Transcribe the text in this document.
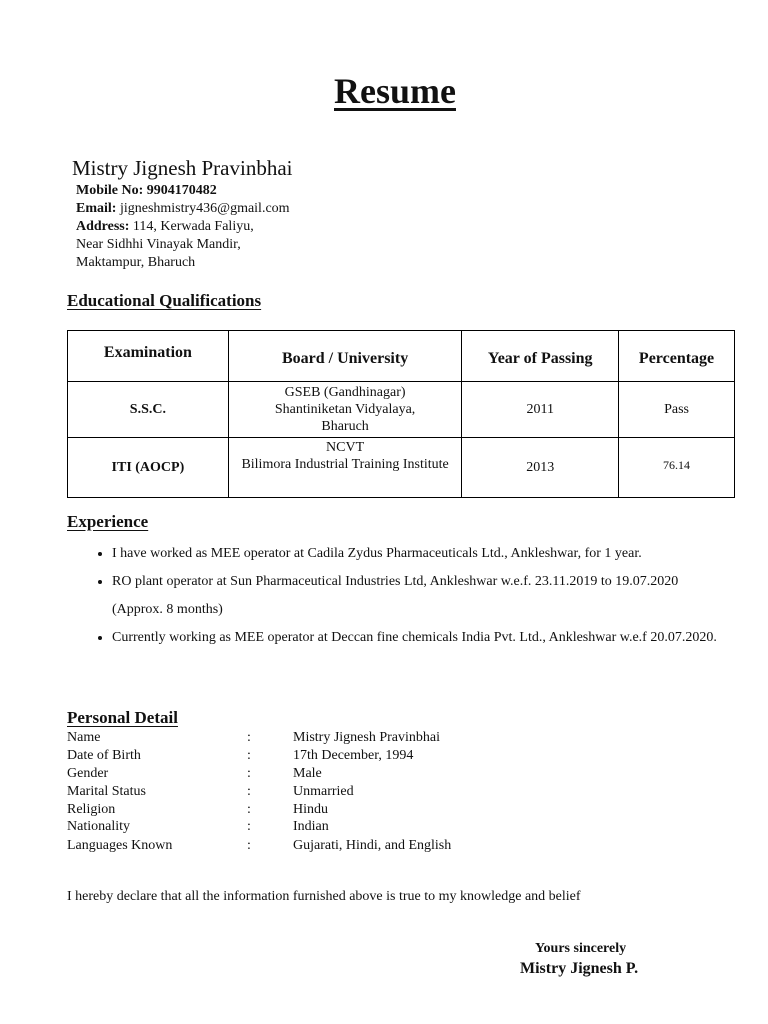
Resume
Mistry Jignesh Pravinbhai
Mobile No: 9904170482
Email: jigneshmistry436@gmail.com
Address: 114, Kerwada Faliyu,
Near Sidhhi Vinayak Mandir,
Maktampur, Bharuch
Educational Qualifications
Examination	Board / University	Year of Passing	Percentage
S.S.C.	GSEB (Gandhinagar)
Shantiniketan Vidyalaya,
Bharuch	2011	Pass
ITI (AOCP)	NCVT
Bilimora Industrial Training Institute	2013	76.14
Experience
• I have worked as MEE operator at Cadila Zydus Pharmaceuticals Ltd., Ankleshwar, for 1 year.
• RO plant operator at Sun Pharmaceutical Industries Ltd, Ankleshwar w.e.f. 23.11.2019 to 19.07.2020 (Approx. 8 months)
• Currently working as MEE operator at Deccan fine chemicals India Pvt. Ltd., Ankleshwar w.e.f 20.07.2020.
Personal Detail
Name	:	Mistry Jignesh Pravinbhai
Date of Birth	:	17th December, 1994
Gender	:	Male
Marital Status	:	Unmarried
Religion	:	Hindu
Nationality	:	Indian
Languages Known	:	Gujarati, Hindi, and English
I hereby declare that all the information furnished above is true to my knowledge and belief
Yours sincerely
Mistry Jignesh P.
